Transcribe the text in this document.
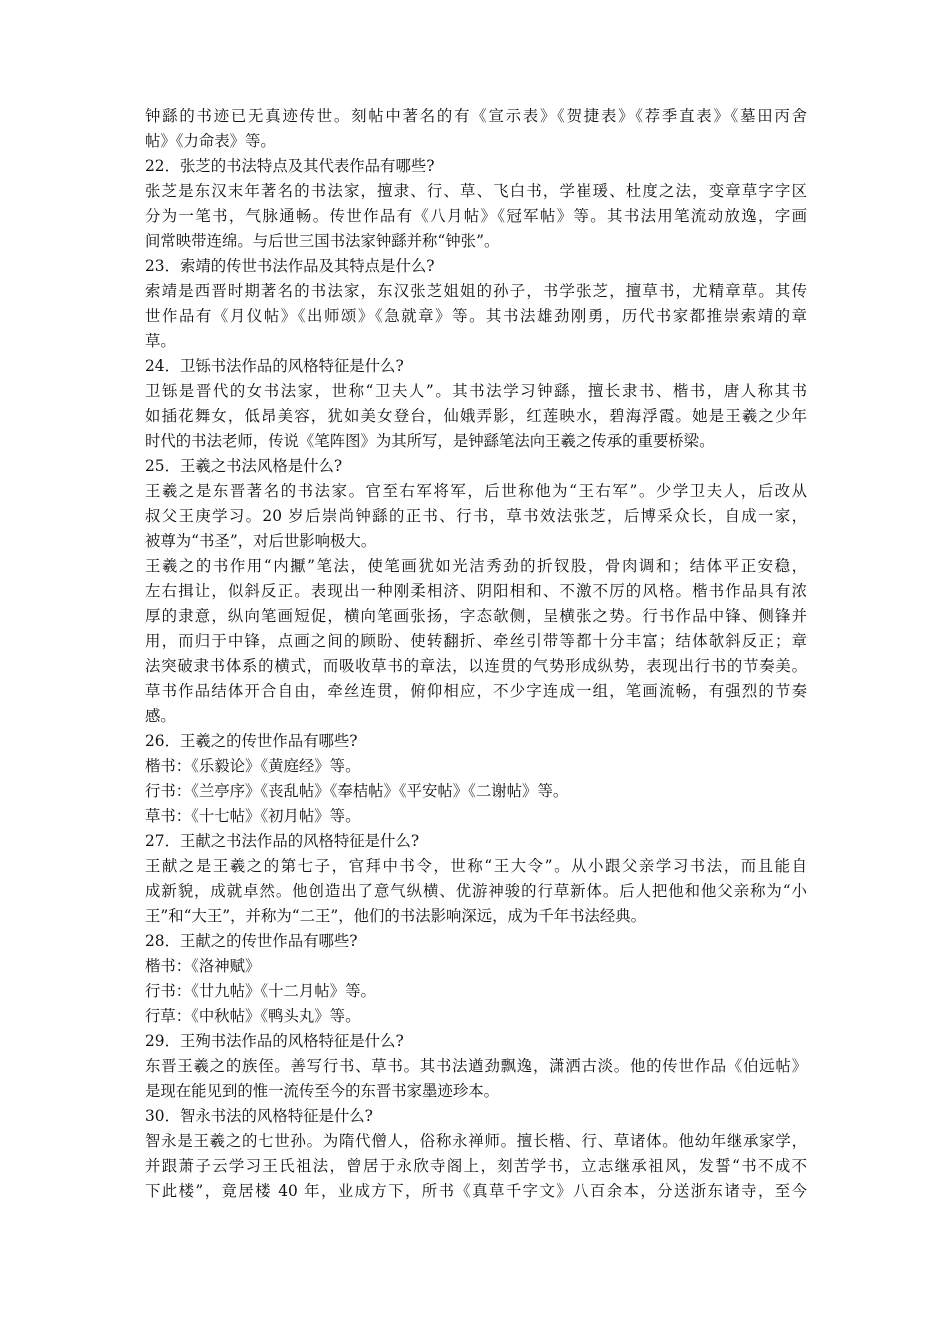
钟繇的书迹已无真迹传世。刻帖中著名的有《宣示表》《贺捷表》《荐季直表》《墓田丙舍
帖》《力命表》等。
22．张芝的书法特点及其代表作品有哪些?
张芝是东汉末年著名的书法家，擅隶、行、草、飞白书，学崔瑗、杜度之法，变章草字字区
分为一笔书，气脉通畅。传世作品有《八月帖》《冠军帖》等。其书法用笔流动放逸，字画
间常映带连绵。与后世三国书法家钟繇并称“钟张”。
23．索靖的传世书法作品及其特点是什么?
索靖是西晋时期著名的书法家，东汉张芝姐姐的孙子，书学张芝，擅草书，尤精章草。其传
世作品有《月仪帖》《出师颂》《急就章》等。其书法雄劲刚勇，历代书家都推崇索靖的章
草。
24．卫铄书法作品的风格特征是什么?
卫铄是晋代的女书法家，世称“卫夫人”。其书法学习钟繇，擅长隶书、楷书，唐人称其书
如插花舞女，低昂美容，犹如美女登台，仙娥弄影，红莲映水，碧海浮霞。她是王羲之少年
时代的书法老师，传说《笔阵图》为其所写，是钟繇笔法向王羲之传承的重要桥梁。
25．王羲之书法风格是什么?
王羲之是东晋著名的书法家。官至右军将军，后世称他为“王右军”。少学卫夫人，后改从
叔父王庚学习。20 岁后崇尚钟繇的正书、行书，草书效法张芝，后博采众长，自成一家，
被尊为“书圣”，对后世影响极大。
王羲之的书作用“内擫”笔法，使笔画犹如光洁秀劲的折钗股，骨肉调和；结体平正安稳，
左右揖让，似斜反正。表现出一种刚柔相济、阴阳相和、不激不厉的风格。楷书作品具有浓
厚的隶意，纵向笔画短促，横向笔画张扬，字态欹侧，呈横张之势。行书作品中锋、侧锋并
用，而归于中锋，点画之间的顾盼、使转翻折、牵丝引带等都十分丰富；结体欹斜反正；章
法突破隶书体系的横式，而吸收草书的章法，以连贯的气势形成纵势，表现出行书的节奏美。
草书作品结体开合自由，牵丝连贯，俯仰相应，不少字连成一组，笔画流畅，有强烈的节奏
感。
26．王羲之的传世作品有哪些?
楷书：《乐毅论》《黄庭经》等。
行书：《兰亭序》《丧乱帖》《奉桔帖》《平安帖》《二谢帖》等。
草书：《十七帖》《初月帖》等。
27．王献之书法作品的风格特征是什么?
王献之是王羲之的第七子，官拜中书令，世称“王大令”。从小跟父亲学习书法，而且能自
成新貌，成就卓然。他创造出了意气纵横、优游神骏的行草新体。后人把他和他父亲称为“小
王”和“大王”，并称为“二王”，他们的书法影响深远，成为千年书法经典。
28．王献之的传世作品有哪些?
楷书：《洛神赋》
行书：《廿九帖》《十二月帖》等。
行草：《中秋帖》《鸭头丸》等。
29．王殉书法作品的风格特征是什么?
东晋王羲之的族侄。善写行书、草书。其书法遒劲飘逸，潇洒古淡。他的传世作品《伯远帖》
是现在能见到的惟一流传至今的东晋书家墨迹珍本。
30．智永书法的风格特征是什么?
智永是王羲之的七世孙。为隋代僧人，俗称永禅师。擅长楷、行、草诸体。他幼年继承家学，
并跟萧子云学习王氏祖法，曾居于永欣寺阁上，刻苦学书，立志继承祖风，发誓“书不成不
下此楼”，竟居楼 40 年，业成方下，所书《真草千字文》八百余本，分送浙东诸寺，至今
